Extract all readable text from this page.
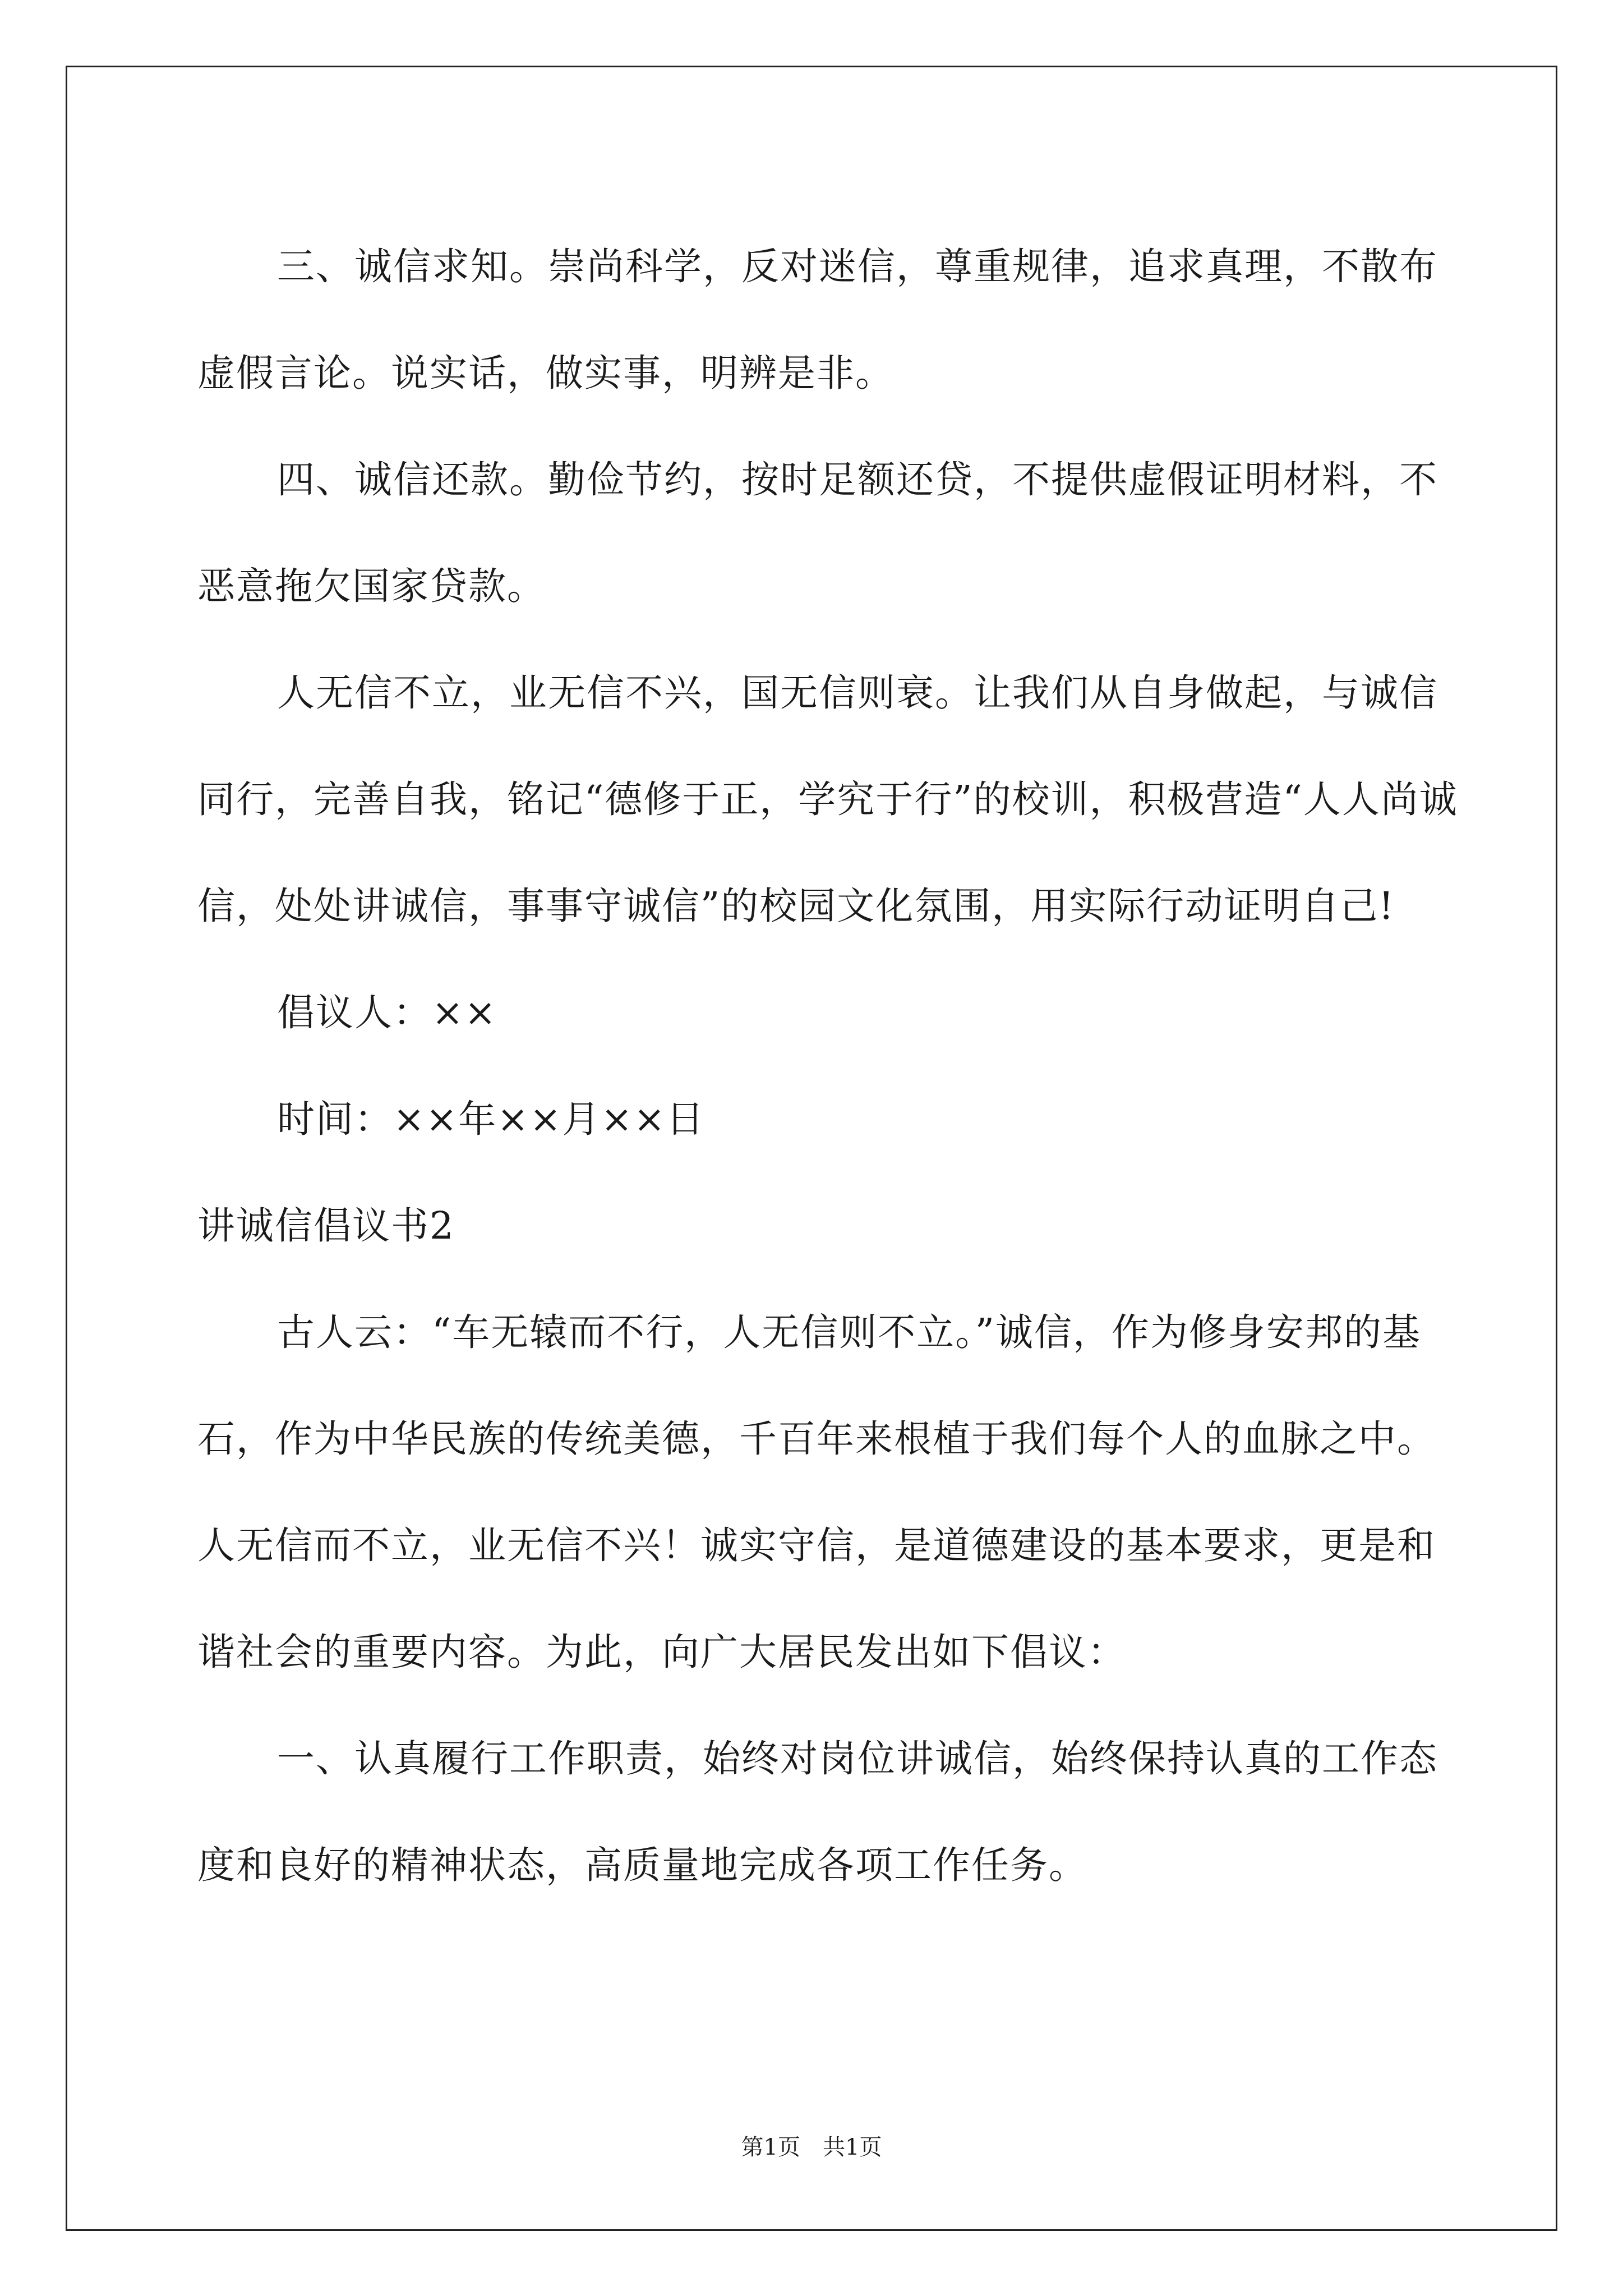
三、诚信求知。崇尚科学，反对迷信，尊重规律，追求真理，不散布虚假言论。说实话，做实事，明辨是非。

四、诚信还款。勤俭节约，按时足额还贷，不提供虚假证明材料，不恶意拖欠国家贷款。

人无信不立，业无信不兴，国无信则衰。让我们从自身做起，与诚信同行，完善自我，铭记“德修于正，学究于行”的校训，积极营造“人人尚诚信，处处讲诚信，事事守诚信”的校园文化氛围，用实际行动证明自己!

倡议人：××

时间：××年××月××日

讲诚信倡议书2

古人云：“车无辕而不行，人无信则不立。”诚信，作为修身安邦的基石，作为中华民族的传统美德，千百年来根植于我们每个人的血脉之中。人无信而不立，业无信不兴！诚实守信，是道德建设的基本要求，更是和谐社会的重要内容。为此，向广大居民发出如下倡议：

一、认真履行工作职责，始终对岗位讲诚信，始终保持认真的工作态度和良好的精神状态，高质量地完成各项工作任务。

第1页　共1页
